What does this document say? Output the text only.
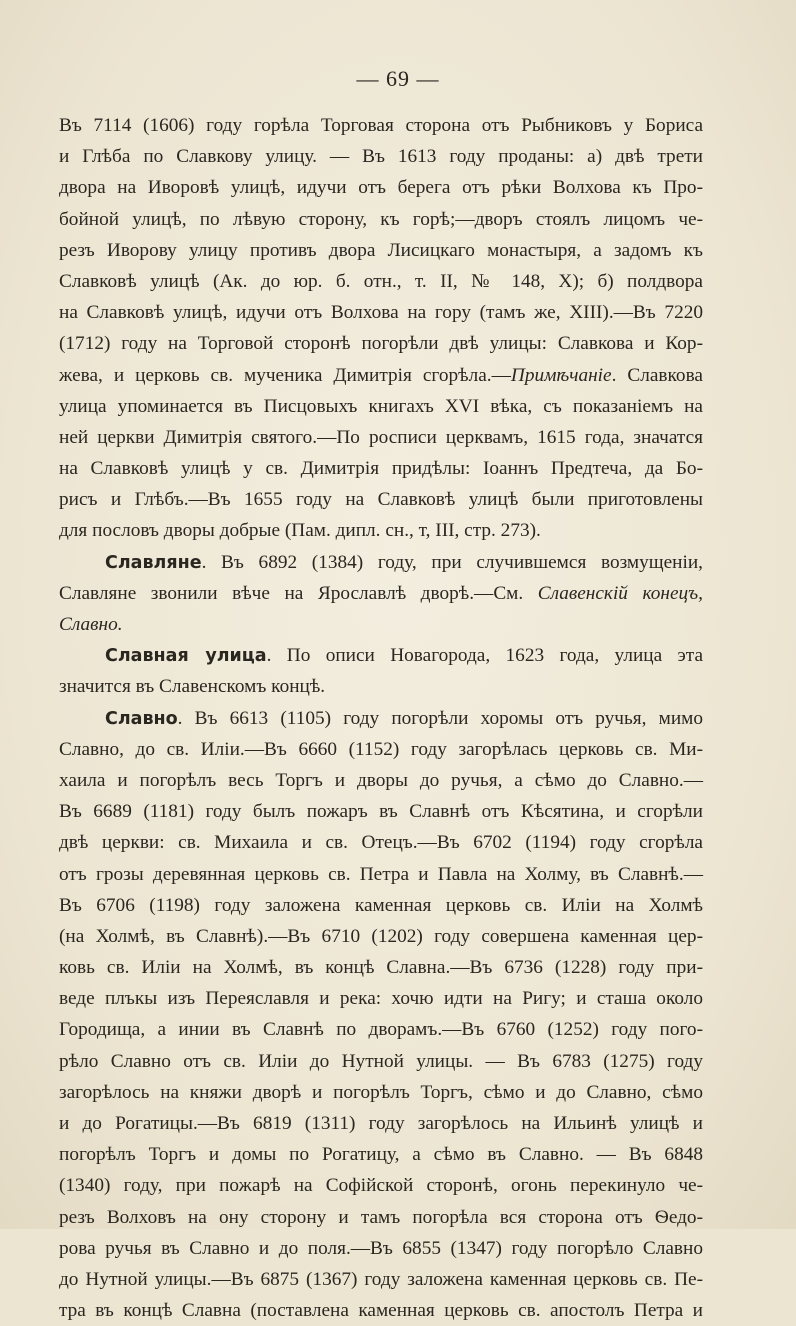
— 69 —
Въ 7114 (1606) году горѣла Торговая сторона отъ Рыбниковъ у Бориса
и Глѣба по Славкову улицу. — Въ 1613 году проданы: а) двѣ трети
двора на Иворовѣ улицѣ, идучи отъ берега отъ рѣки Волхова къ Про-
бойной улицѣ, по лѣвую сторону, къ горѣ;—дворъ стоялъ лицомъ че-
резъ Иворову улицу противъ двора Лисицкаго монастыря, а задомъ къ
Славковѣ улицѣ (Ак. до юр. б. отн., т. II, № 148, X); б) полдвора
на Славковѣ улицѣ, идучи отъ Волхова на гору (тамъ же, XIII).—Въ 7220
(1712) году на Торговой сторонѣ погорѣли двѣ улицы: Славкова и Кор-
жева, и церковь св. мученика Димитрія сгорѣла.—Примѣчаніе. Славкова
улица упоминается въ Писцовыхъ книгахъ XVI вѣка, съ показаніемъ на
ней церкви Димитрія святого.—По росписи церквамъ, 1615 года, значатся
на Славковѣ улицѣ у св. Димитрія придѣлы: Іоаннъ Предтеча, да Бо-
рисъ и Глѣбъ.—Въ 1655 году на Славковѣ улицѣ были приготовлены
для пословъ дворы добрые (Пам. дипл. сн., т, III, стр. 273).
Славляне. Въ 6892 (1384) году, при случившемся возмущеніи,
Славляне звонили вѣче на Ярославлѣ дворѣ.—См. Славенскій конецъ,
Славно.
Славная улица. По описи Новагорода, 1623 года, улица эта
значится въ Славенскомъ концѣ.
Славно. Въ 6613 (1105) году погорѣли хоромы отъ ручья, мимо
Славно, до св. Иліи.—Въ 6660 (1152) году загорѣлась церковь св. Ми-
хаила и погорѣлъ весь Торгъ и дворы до ручья, а сѣмо до Славно.—
Въ 6689 (1181) году былъ пожаръ въ Славнѣ отъ Кѣсятина, и сгорѣли
двѣ церкви: св. Михаила и св. Отецъ.—Въ 6702 (1194) году сгорѣла
отъ грозы деревянная церковь св. Петра и Павла на Холму, въ Славнѣ.—
Въ 6706 (1198) году заложена каменная церковь св. Иліи на Холмѣ
(на Холмѣ, въ Славнѣ).—Въ 6710 (1202) году совершена каменная цер-
ковь св. Иліи на Холмѣ, въ концѣ Славна.—Въ 6736 (1228) году при-
веде плъкы изъ Переяславля и река: хочю идти на Ригу; и сташа около
Городища, а инии въ Славнѣ по дворамъ.—Въ 6760 (1252) году пого-
рѣло Славно отъ св. Иліи до Нутной улицы. — Въ 6783 (1275) году
загорѣлось на княжи дворѣ и погорѣлъ Торгъ, сѣмо и до Славно, сѣмо
и до Рогатицы.—Въ 6819 (1311) году загорѣлось на Ильинѣ улицѣ и
погорѣлъ Торгъ и домы по Рогатицу, а сѣмо въ Славно. — Въ 6848
(1340) году, при пожарѣ на Софійской сторонѣ, огонь перекинуло че-
резъ Волховъ на ону сторону и тамъ погорѣла вся сторона отъ Ѳедо-
рова ручья въ Славно и до поля.—Въ 6855 (1347) году погорѣло Славно
до Нутной улицы.—Въ 6875 (1367) году заложена каменная церковь св. Пе-
тра въ концѣ Славна (поставлена каменная церковь св. апостолъ Петра и
